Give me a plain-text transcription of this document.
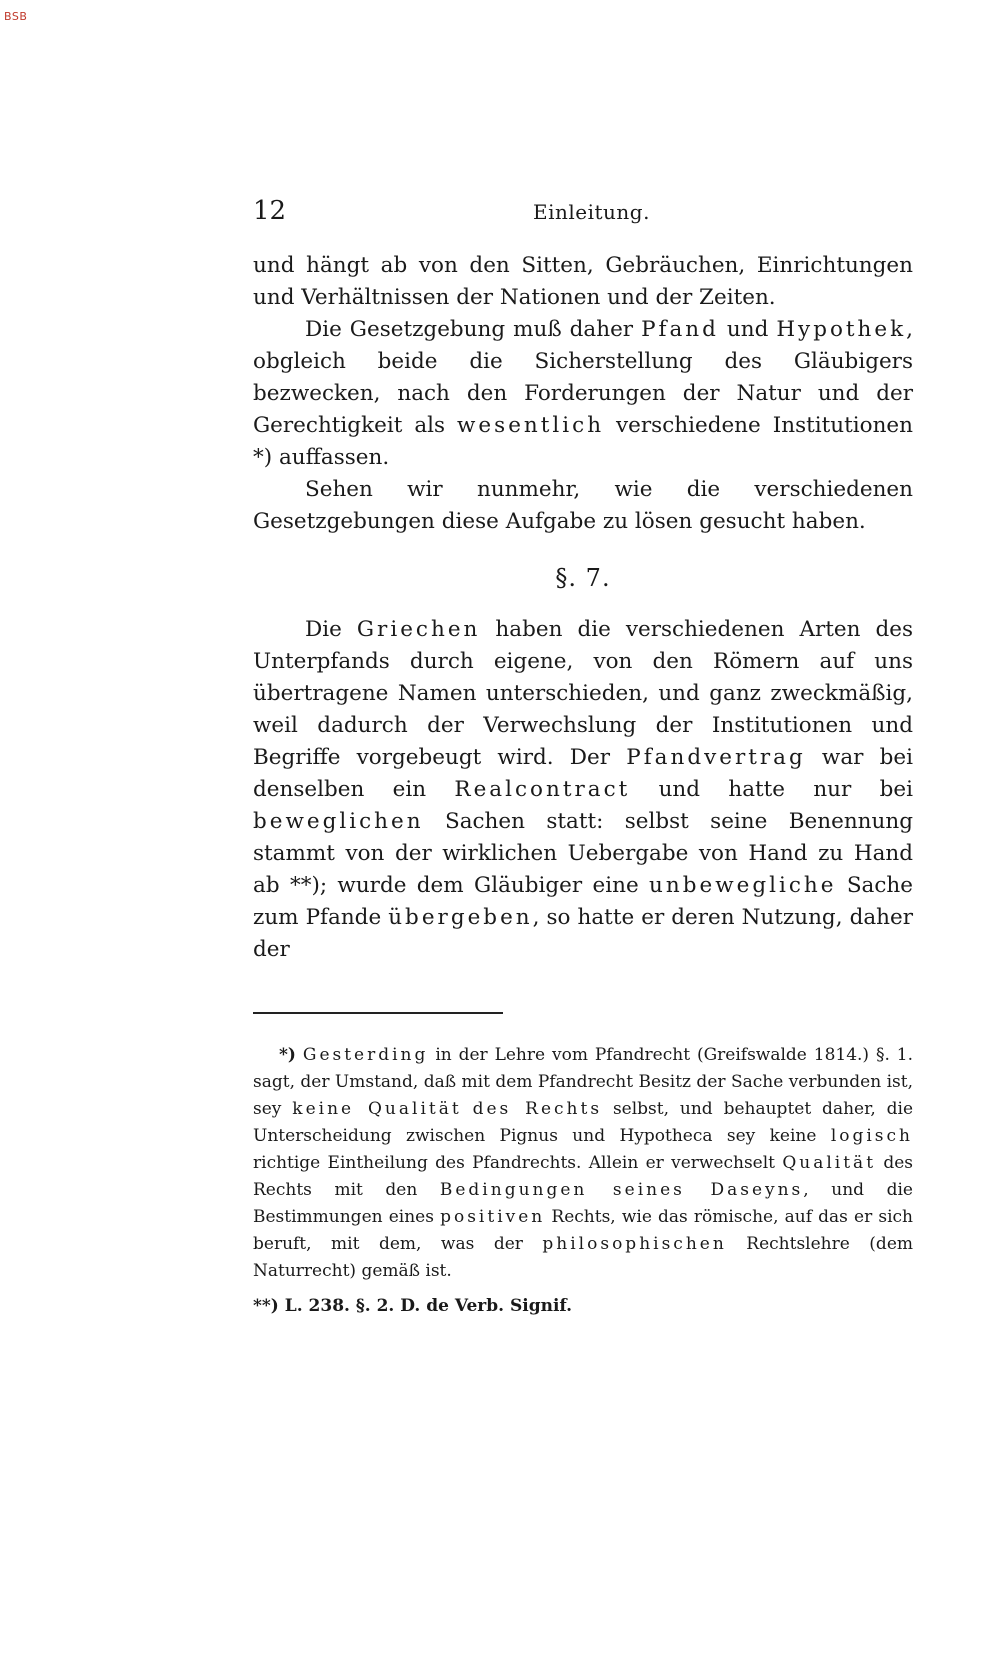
BSB
12	Einleitung.

und hängt ab von den Sitten, Gebräuchen, Einrichtungen und Verhältnissen der Nationen und der Zeiten.

Die Gesetzgebung muß daher Pfand und Hypothek, obgleich beide die Sicherstellung des Gläubigers bezwecken, nach den Forderungen der Natur und der Gerechtigkeit als wesentlich verschiedene Institutionen *) auffassen.

Sehen wir nunmehr, wie die verschiedenen Gesetzgebungen diese Aufgabe zu lösen gesucht haben.

§. 7.

Die Griechen haben die verschiedenen Arten des Unterpfands durch eigene, von den Römern auf uns übertragene Namen unterschieden, und ganz zweckmäßig, weil dadurch der Verwechslung der Institutionen und Begriffe vorgebeugt wird. Der Pfandvertrag war bei denselben ein Realcontract und hatte nur bei beweglichen Sachen statt: selbst seine Benennung stammt von der wirklichen Uebergabe von Hand zu Hand ab **); wurde dem Gläubiger eine unbewegliche Sache zum Pfande übergeben, so hatte er deren Nutzung, daher der

*) Gesterding in der Lehre vom Pfandrecht (Greifswalde 1814.) §. 1. sagt, der Umstand, daß mit dem Pfandrecht Besitz der Sache verbunden ist, sey keine Qualität des Rechts selbst, und behauptet daher, die Unterscheidung zwischen Pignus und Hypotheca sey keine logisch richtige Eintheilung des Pfandrechts. Allein er verwechselt Qualität des Rechts mit den Bedingungen seines Daseyns, und die Bestimmungen eines positiven Rechts, wie das römische, auf das er sich beruft, mit dem, was der philosophischen Rechtslehre (dem Naturrecht) gemäß ist.

**) L. 238. §. 2. D. de Verb. Signif.
